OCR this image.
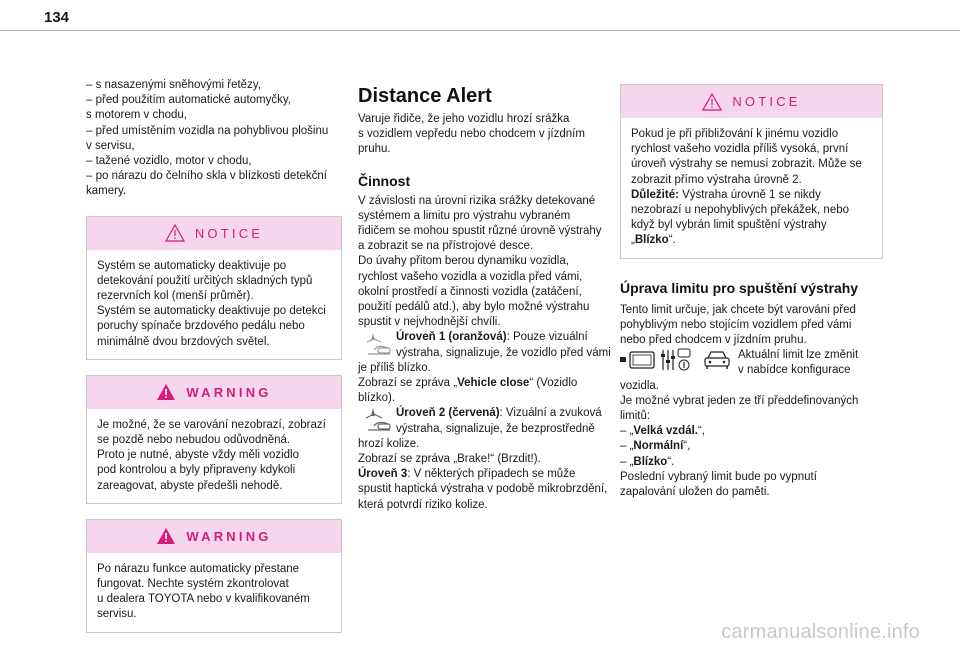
134

– s nasazenými sněhovými řetězy,

– před použitím automatické automyčky,

s motorem v chodu,

– před umístěním vozidla na pohyblivou plošinu

v servisu,

– tažené vozidlo, motor v chodu,

– po nárazu do čelního skla v blízkosti detekční

kamery.

NOTICE

Systém se automaticky deaktivuje po

detekování použití určitých skladných typů

rezervních kol (menší průměr).

Systém se automaticky deaktivuje po detekci

poruchy spínače brzdového pedálu nebo

minimálně dvou brzdových světel.

WARNING

Je možné, že se varování nezobrazí, zobrazí

se pozdě nebo nebudou odůvodněná.

Proto je nutné, abyste vždy měli vozidlo

pod kontrolou a byly připraveny kdykoli

zareagovat, abyste předešli nehodě.

WARNING

Po nárazu funkce automaticky přestane

fungovat. Nechte systém zkontrolovat

u dealera TOYOTA nebo v kvalifikovaném

servisu.

Distance Alert

Varuje řidiče, že jeho vozidlu hrozí srážka

s vozidlem vepředu nebo chodcem v jízdním

pruhu.

Činnost

V závislosti na úrovni rizika srážky detekované

systémem a limitu pro výstrahu vybraném

řidičem se mohou spustit různé úrovně výstrahy

a zobrazit se na přístrojové desce.

Do úvahy přitom berou dynamiku vozidla,

rychlost vašeho vozidla a vozidla před vámi,

okolní prostředí a činnosti vozidla (zatáčení,

použití pedálů atd.), aby bylo možné výstrahu

spustit v nejvhodnější chvíli.

Úroveň 1 (oranžová): Pouze vizuální

výstraha, signalizuje, že vozidlo před vámi

je příliš blízko.

Zobrazí se zpráva „Vehicle close“ (Vozidlo

blízko).

Úroveň 2 (červená): Vizuální a zvuková

výstraha, signalizuje, že bezprostředně

hrozí kolize.

Zobrazí se zpráva „Brake!“ (Brzdit!).

Úroveň 3: V některých případech se může

spustit haptická výstraha v podobě mikrobrzdění,

která potvrdí riziko kolize.

NOTICE

Pokud je při přibližování k jinému vozidlo

rychlost vašeho vozidla příliš vysoká, první

úroveň výstrahy se nemusí zobrazit. Může se

zobrazit přímo výstraha úrovně 2.

Důležité: Výstraha úrovně 1 se nikdy

nezobrazí u nepohyblivých překážek, nebo

když byl vybrán limit spuštění výstrahy

„Blízko“.

Úprava limitu pro spuštění výstrahy

Tento limit určuje, jak chcete být varováni před

pohyblivým nebo stojícím vozidlem před vámi

nebo před chodcem v jízdním pruhu.

Aktuální limit lze změnit

v nabídce konfigurace

vozidla.

Je možné vybrat jeden ze tří předdefinovaných

limitů:

– „Velká vzdál.“,

– „Normální“,

– „Blízko“.

Poslední vybraný limit bude po vypnutí

zapalování uložen do paměti.

carmanualsonline.info
